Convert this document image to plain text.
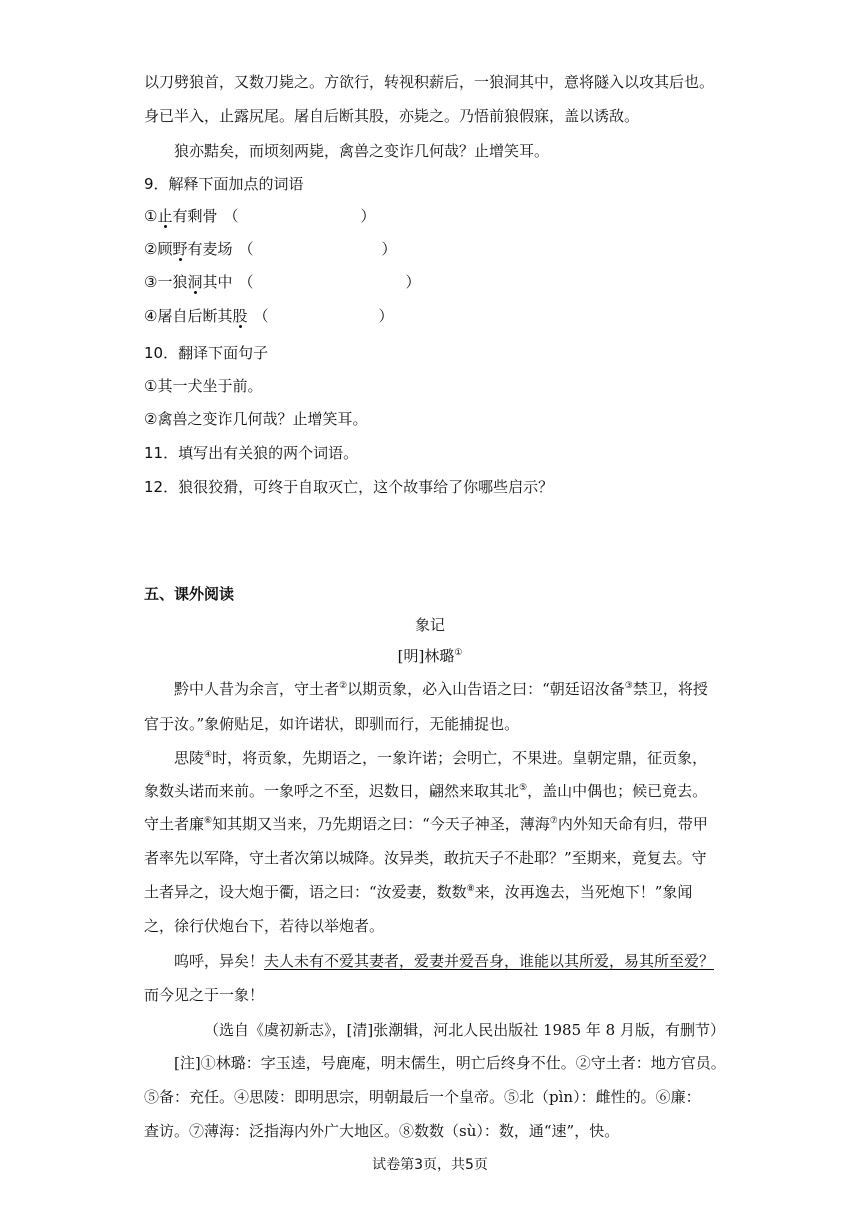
以刀劈狼首，又数刀毙之。方欲行，转视积薪后，一狼洞其中，意将隧入以攻其后也。
身已半入，止露尻尾。屠自后断其股，亦毙之。乃悟前狼假寐，盖以诱敌。
狼亦黠矣，而顷刻两毙，禽兽之变诈几何哉？止增笑耳。
9．解释下面加点的词语
①止有剩骨 （	）
②顾野有麦场 （	）
③一狼洞其中 （	）
④屠自后断其股 （	）
10．翻译下面句子
①其一犬坐于前。
②禽兽之变诈几何哉？止增笑耳。
11．填写出有关狼的两个词语。
12．狼很狡猾，可终于自取灭亡，这个故事给了你哪些启示？
五、课外阅读
象记
[明]林璐①
黔中人昔为余言，守土者②以期贡象，必入山告语之曰：“朝廷诏汝备③禁卫，将授
官于汝。”象俯贴足，如许诺状，即驯而行，无能捕捉也。
思陵④时，将贡象，先期语之，一象许诺；会明亡，不果进。皇朝定鼎，征贡象，
象数头诺而来前。一象呼之不至，迟数日，翩然来取其北⑤，盖山中偶也；候已竟去。
守土者廉⑥知其期又当来，乃先期语之曰：“今天子神圣，薄海⑦内外知天命有归，带甲
者率先以军降，守土者次第以城降。汝异类，敢抗天子不赴耶？”至期来，竟复去。守
土者异之，设大炮于衢，语之曰：“汝爱妻，数数⑧来，汝再逸去，当死炮下！”象闻
之，徐行伏炮台下，若待以举炮者。
呜呼，异矣！夫人未有不爱其妻者，爱妻并爱吾身，谁能以其所爱，易其所至爱？
而今见之于一象！
（选自《虞初新志》，[清]张潮辑，河北人民出版社 1985 年 8 月版，有删节）
[注]①林璐：字玉逵，号鹿庵，明末儒生，明亡后终身不仕。②守土者：地方官员。
⑤备：充任。④思陵：即明思宗，明朝最后一个皇帝。⑤北（pìn）：雌性的。⑥廉：
查访。⑦薄海：泛指海内外广大地区。⑧数数（sù）：数，通“速”，快。
试卷第3页，共5页
